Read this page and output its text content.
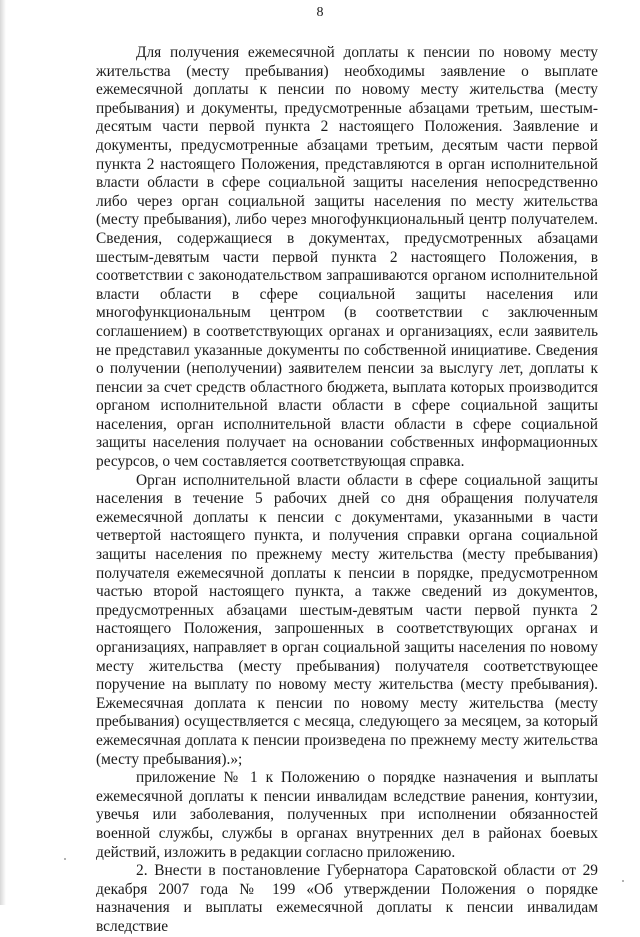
8

Для получения ежемесячной доплаты к пенсии по новому месту жительства (месту пребывания) необходимы заявление о выплате ежемесячной доплаты к пенсии по новому месту жительства (месту пребывания) и документы, предусмотренные абзацами третьим, шестым-десятым части первой пункта 2 настоящего Положения. Заявление и документы, предусмотренные абзацами третьим, десятым части первой пункта 2 настоящего Положения, представляются в орган исполнительной власти области в сфере социальной защиты населения непосредственно либо через орган социальной защиты населения по месту жительства (месту пребывания), либо через многофункциональный центр получателем. Сведения, содержащиеся в документах, предусмотренных абзацами шестым-девятым части первой пункта 2 настоящего Положения, в соответствии с законодательством запрашиваются органом исполнительной власти области в сфере социальной защиты населения или многофункциональным центром (в соответствии с заключенным соглашением) в соответствующих органах и организациях, если заявитель не представил указанные документы по собственной инициативе. Сведения о получении (неполучении) заявителем пенсии за выслугу лет, доплаты к пенсии за счет средств областного бюджета, выплата которых производится органом исполнительной власти области в сфере социальной защиты населения, орган исполнительной власти области в сфере социальной защиты населения получает на основании собственных информационных ресурсов, о чем составляется соответствующая справка.

Орган исполнительной власти области в сфере социальной защиты населения в течение 5 рабочих дней со дня обращения получателя ежемесячной доплаты к пенсии с документами, указанными в части четвертой настоящего пункта, и получения справки органа социальной защиты населения по прежнему месту жительства (месту пребывания) получателя ежемесячной доплаты к пенсии в порядке, предусмотренном частью второй настоящего пункта, а также сведений из документов, предусмотренных абзацами шестым-девятым части первой пункта 2 настоящего Положения, запрошенных в соответствующих органах и организациях, направляет в орган социальной защиты населения по новому месту жительства (месту пребывания) получателя соответствующее поручение на выплату по новому месту жительства (месту пребывания). Ежемесячная доплата к пенсии по новому месту жительства (месту пребывания) осуществляется с месяца, следующего за месяцем, за который ежемесячная доплата к пенсии произведена по прежнему месту жительства (месту пребывания).»;

приложение № 1 к Положению о порядке назначения и выплаты ежемесячной доплаты к пенсии инвалидам вследствие ранения, контузии, увечья или заболевания, полученных при исполнении обязанностей военной службы, службы в органах внутренних дел в районах боевых действий, изложить в редакции согласно приложению.

2. Внести в постановление Губернатора Саратовской области от 29 декабря 2007 года № 199 «Об утверждении Положения о порядке назначения и выплаты ежемесячной доплаты к пенсии инвалидам вследствие
